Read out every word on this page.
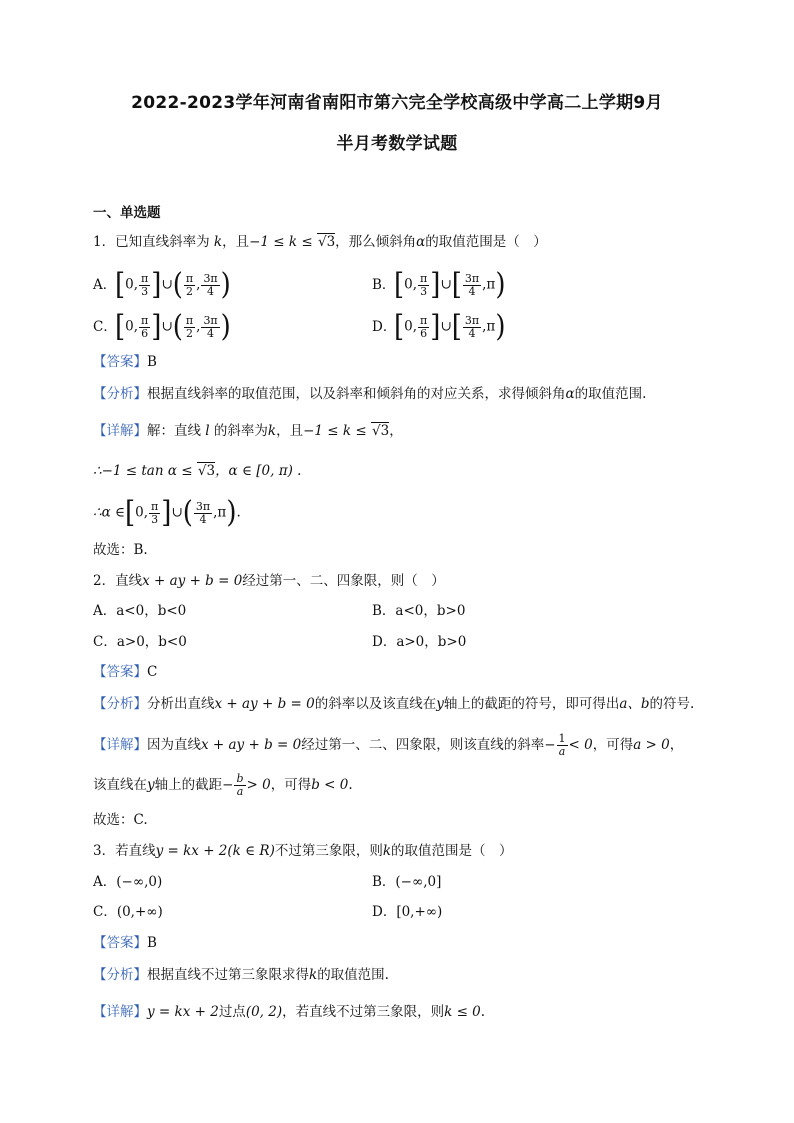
2022-2023学年河南省南阳市第六完全学校高级中学高二上学期9月
半月考数学试题
一、单选题
1．已知直线斜率为 k，且−1 ≤ k ≤ √3，那么倾斜角α的取值范围是（　）
A．[0, $\frac{\pi}{3}$ ]∪( $\frac{\pi}{2}$ , $\frac{3\pi}{4}$ )	B．[0, $\frac{\pi}{3}$ ]∪[ $\frac{3\pi}{4} ,\pi$)
C．[0, $\frac{\pi}{6}$ ]∪( $\frac{\pi}{2}$ , $\frac{3\pi}{4}$ )	D．[0, $\frac{\pi}{6}$ ]∪[ $\frac{3\pi}{4} ,\pi$)
【答案】B
【分析】根据直线斜率的取值范围，以及斜率和倾斜角的对应关系，求得倾斜角α的取值范围.
【详解】解：直线 l 的斜率为k，且−1 ≤ k ≤ √3，
∴−1 ≤ tan α ≤ √3，α ∈ [0, π) .
∴α ∈[0, $\frac{\pi}{3}$ ]∪( $\frac{3\pi}{4} ,\pi$).
故选：B.
2．直线x + ay + b = 0经过第一、二、四象限，则（　）
A．a<0，b<0	B．a<0，b>0
C．a>0，b<0	D．a>0，b>0
【答案】C
【分析】分析出直线x + ay + b = 0的斜率以及该直线在y轴上的截距的符号，即可得出a、b的符号.
【详解】因为直线x + ay + b = 0经过第一、二、四象限，则该直线的斜率− $\frac{1}{a} < 0$，可得a > 0，
该直线在y轴上的截距− $\frac{b}{a} > 0$，可得b < 0.
故选：C.
3．若直线y = kx + 2(k ∈ R)不过第三象限，则k的取值范围是（　）
A．(−∞,0)	B．(−∞,0]
C．(0,+∞)	D．[0,+∞)
【答案】B
【分析】根据直线不过第三象限求得k的取值范围.
【详解】y = kx + 2过点(0, 2)，若直线不过第三象限，则k ≤ 0.
